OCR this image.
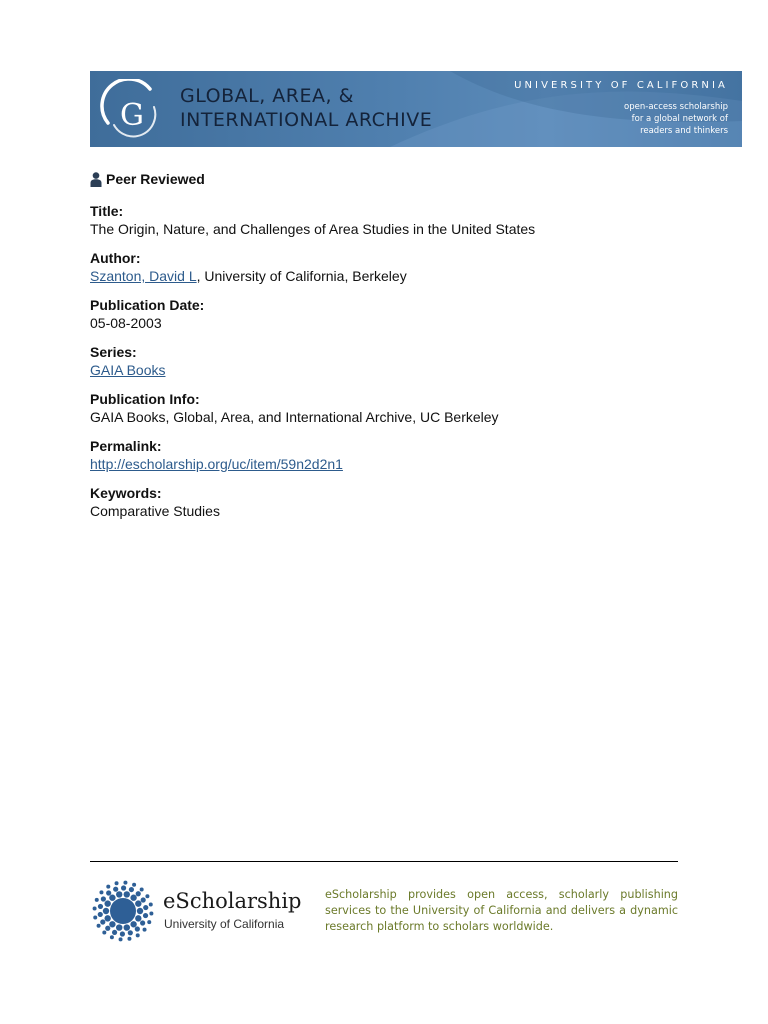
G
GLOBAL, AREA, &
INTERNATIONAL ARCHIVE
UNIVERSITY OF CALIFORNIA
open-access scholarship
for a global network of
readers and thinkers
Peer Reviewed
Title:
The Origin, Nature, and Challenges of Area Studies in the United States
Author:
Szanton, David L, University of California, Berkeley
Publication Date:
05-08-2003
Series:
GAIA Books
Publication Info:
GAIA Books, Global, Area, and International Archive, UC Berkeley
Permalink:
http://escholarship.org/uc/item/59n2d2n1
Keywords:
Comparative Studies
eScholarship
University of California
eScholarship provides open access, scholarly publishing services to the University of California and delivers a dynamic research platform to scholars worldwide.
